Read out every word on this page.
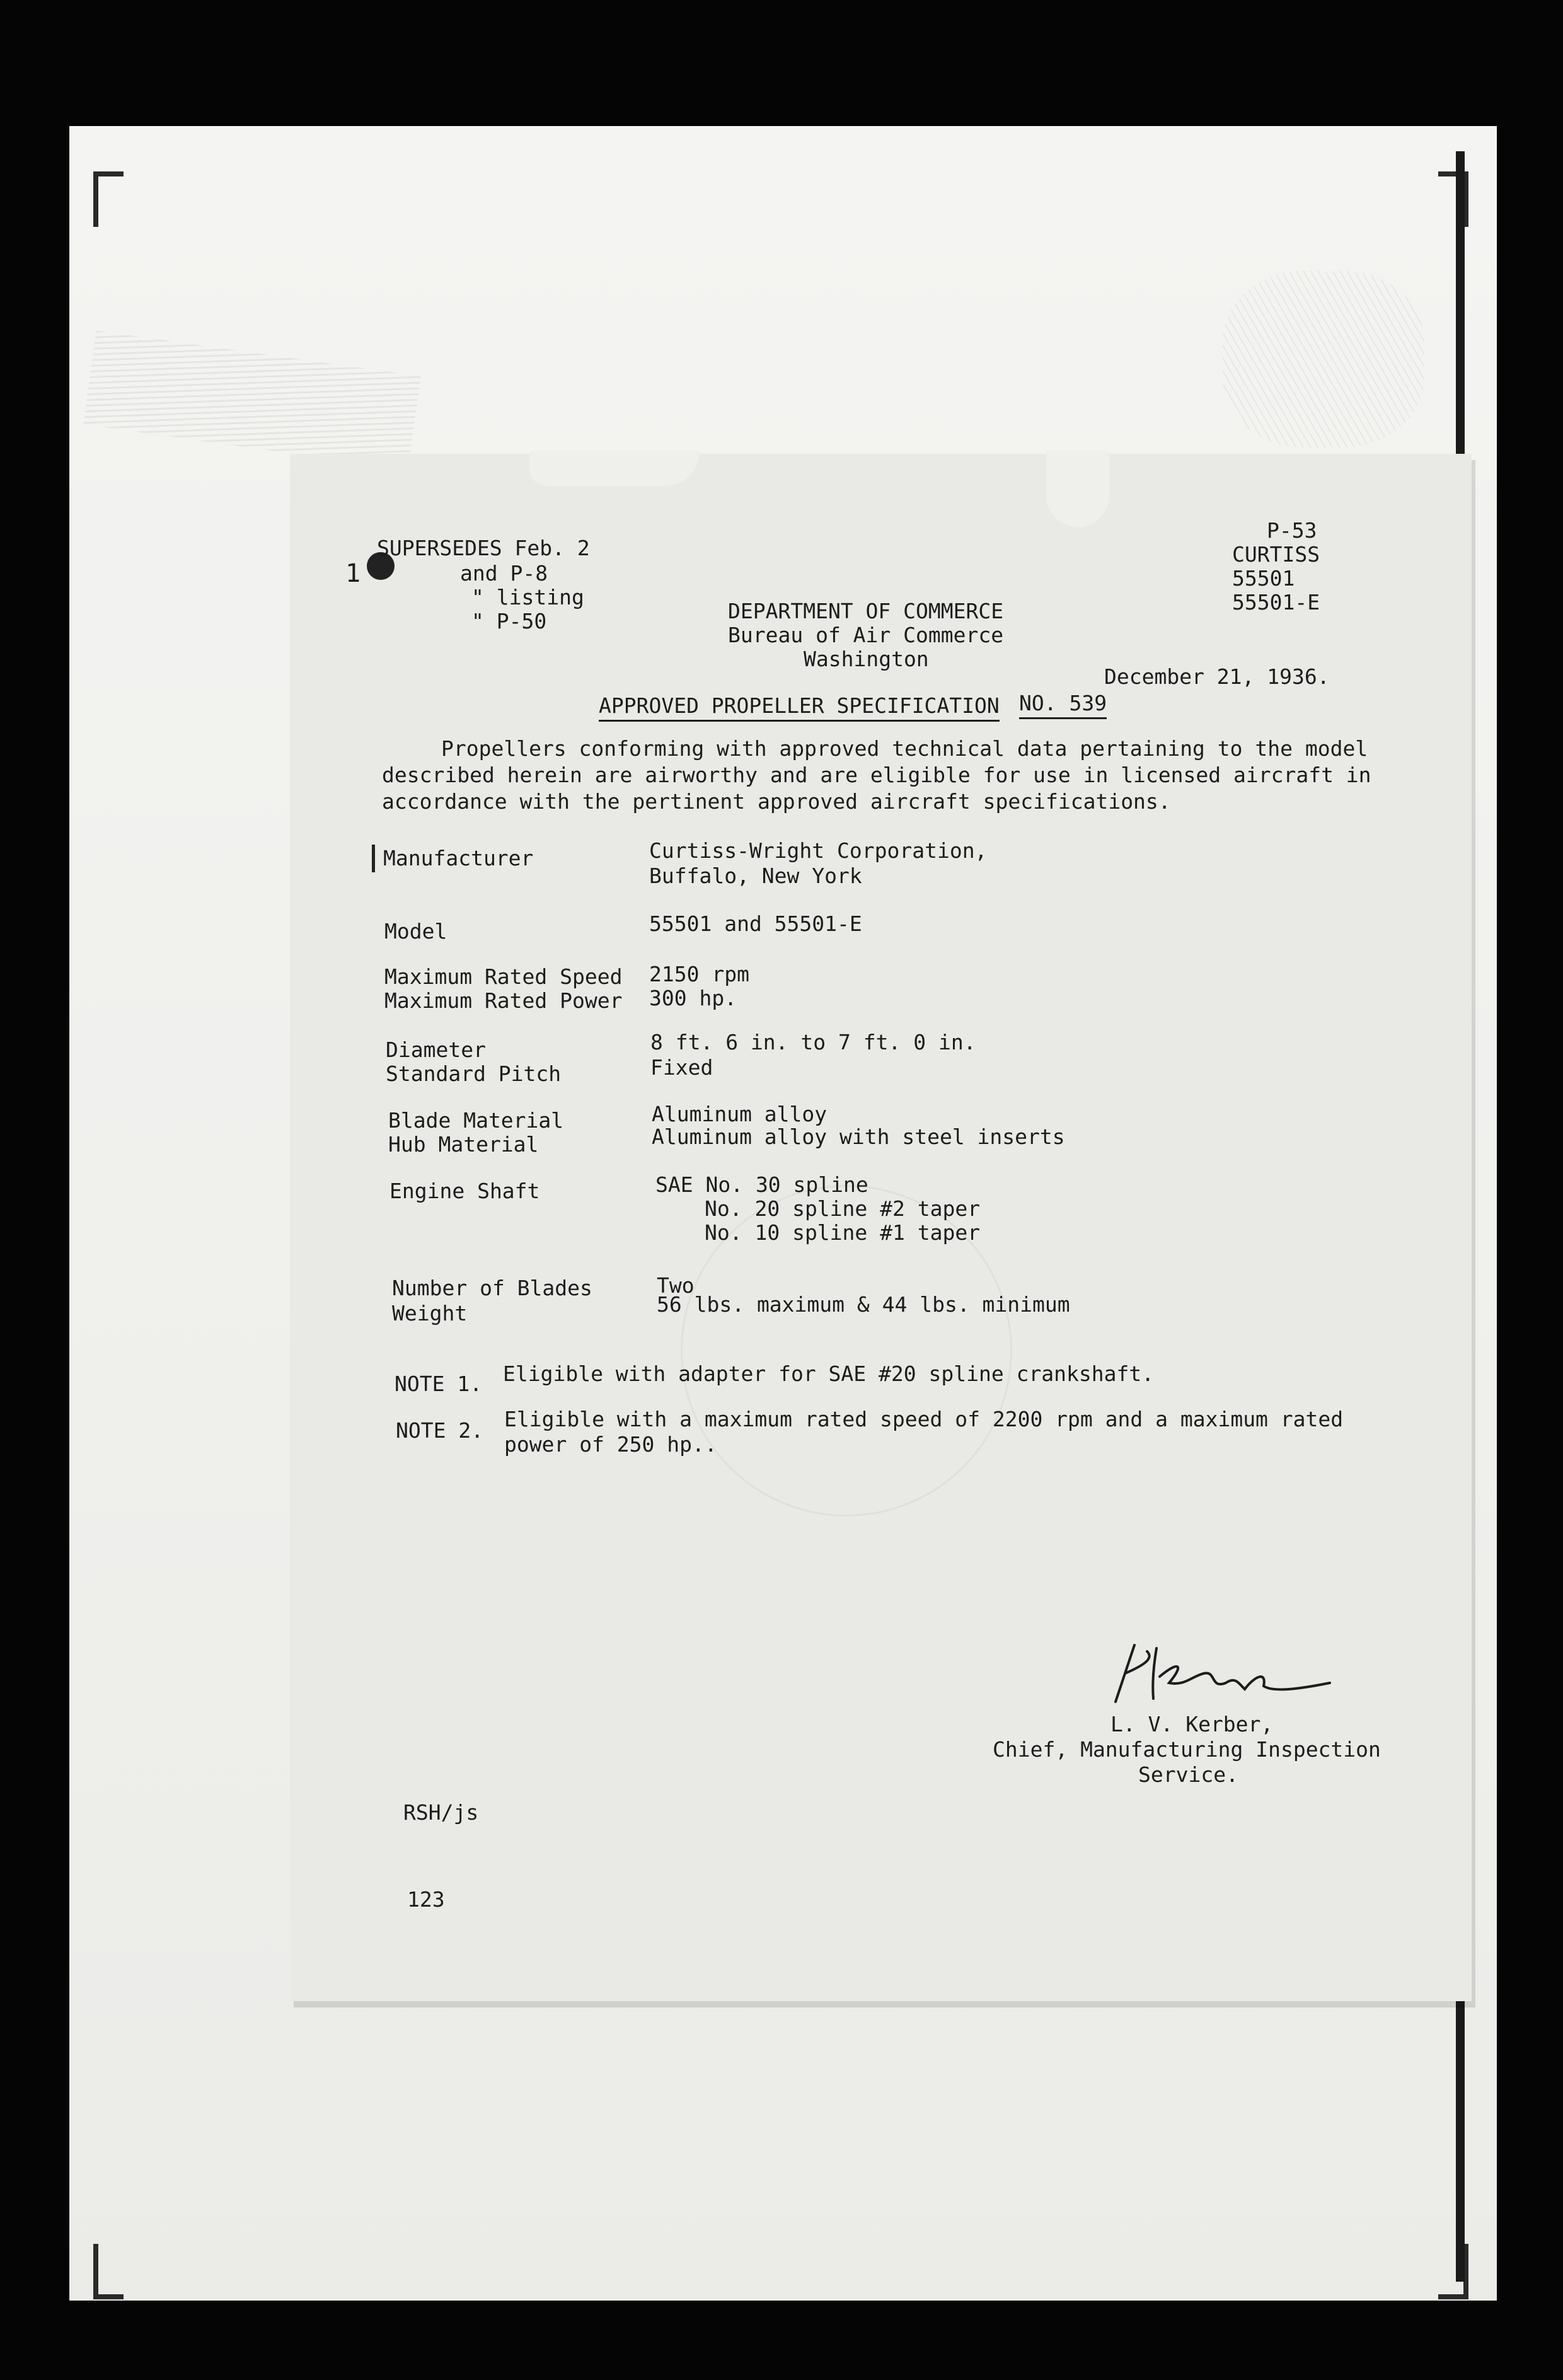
SUPERSEDES Feb. 2
and P-8
" listing
" P-50
P-53
CURTISS
55501
55501-E
DEPARTMENT OF COMMERCE
Bureau of Air Commerce
Washington
December 21, 1936.
APPROVED PROPELLER SPECIFICATION NO. 539
Propellers conforming with approved technical data pertaining to the model
described herein are airworthy and are eligible for use in licensed aircraft in
accordance with the pertinent approved aircraft specifications.
Manufacturer	Curtiss-Wright Corporation,
Buffalo, New York
Model	55501 and 55501-E
Maximum Rated Speed 2150 rpm
Maximum Rated Power 300 hp.
Diameter	8 ft. 6 in. to 7 ft. 0 in.
Standard Pitch	Fixed
Blade Material	Aluminum alloy
Hub Material	Aluminum alloy with steel inserts
Engine Shaft	SAE No. 30 spline
No. 20 spline #2 taper
No. 10 spline #1 taper
Number of Blades	Two
Weight	56 lbs. maximum & 44 lbs. minimum
NOTE 1. Eligible with adapter for SAE #20 spline crankshaft.
NOTE 2. Eligible with a maximum rated speed of 2200 rpm and a maximum rated
power of 250 hp..
L. V. Kerber,
Chief, Manufacturing Inspection
Service.
RSH/js
123
1
